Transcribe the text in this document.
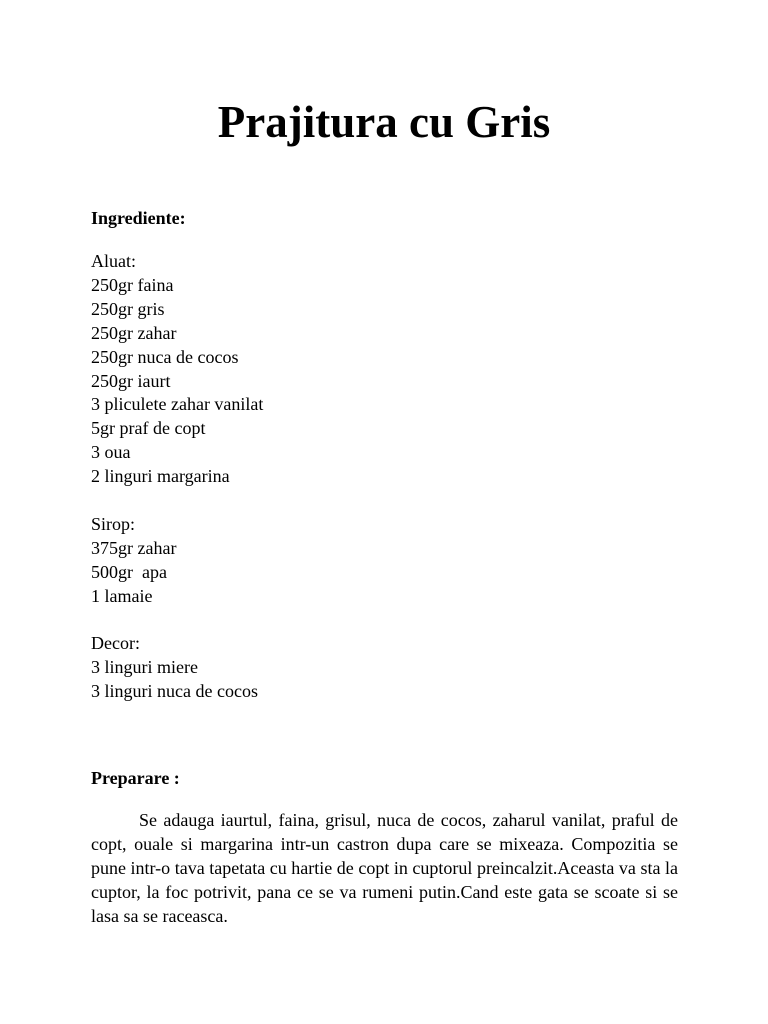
Prajitura cu Gris
Ingrediente:
Aluat:
250gr faina
250gr gris
250gr zahar
250gr nuca de cocos
250gr iaurt
3 pliculete zahar vanilat
5gr praf de copt
3 oua
2 linguri margarina
Sirop:
375gr zahar
500gr  apa
1 lamaie
Decor:
3 linguri miere
3 linguri nuca de cocos
Preparare :

Se adauga iaurtul, faina, grisul, nuca de cocos, zaharul vanilat, praful de copt, ouale si margarina intr-un castron dupa care se mixeaza. Compozitia se pune intr-o tava tapetata cu hartie de copt in cuptorul preincalzit.Aceasta va sta la cuptor, la foc potrivit, pana ce se va rumeni putin.Cand este gata se scoate si se lasa sa se raceasca.
